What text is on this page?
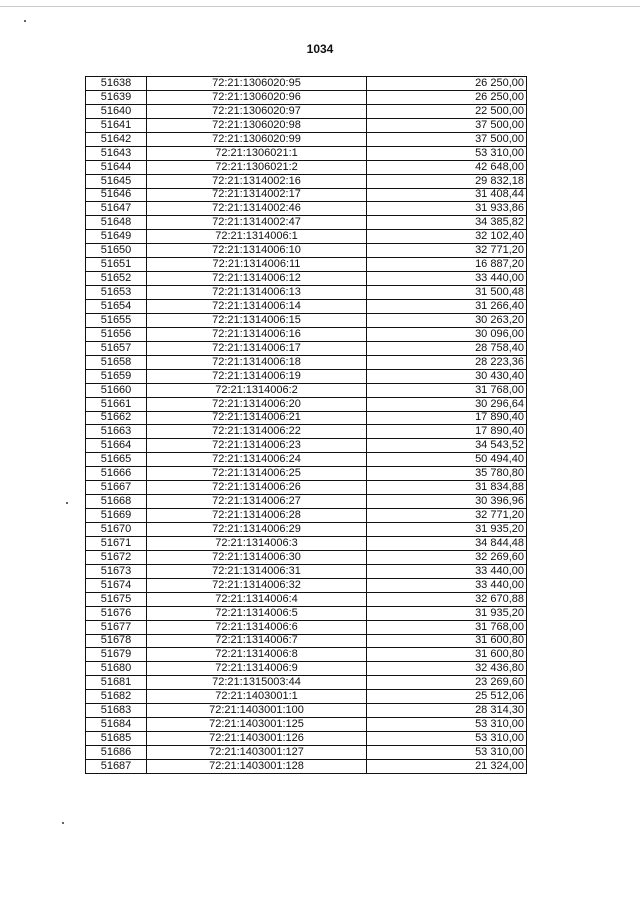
1034
51638	72:21:1306020:95	26 250,00
51639	72:21:1306020:96	26 250,00
51640	72:21:1306020:97	22 500,00
51641	72:21:1306020:98	37 500,00
51642	72:21:1306020:99	37 500,00
51643	72:21:1306021:1	53 310,00
51644	72:21:1306021:2	42 648,00
51645	72:21:1314002:16	29 832,18
51646	72:21:1314002:17	31 408,44
51647	72:21:1314002:46	31 933,86
51648	72:21:1314002:47	34 385,82
51649	72:21:1314006:1	32 102,40
51650	72:21:1314006:10	32 771,20
51651	72:21:1314006:11	16 887,20
51652	72:21:1314006:12	33 440,00
51653	72:21:1314006:13	31 500,48
51654	72:21:1314006:14	31 266,40
51655	72:21:1314006:15	30 263,20
51656	72:21:1314006:16	30 096,00
51657	72:21:1314006:17	28 758,40
51658	72:21:1314006:18	28 223,36
51659	72:21:1314006:19	30 430,40
51660	72:21:1314006:2	31 768,00
51661	72:21:1314006:20	30 296,64
51662	72:21:1314006:21	17 890,40
51663	72:21:1314006:22	17 890,40
51664	72:21:1314006:23	34 543,52
51665	72:21:1314006:24	50 494,40
51666	72:21:1314006:25	35 780,80
51667	72:21:1314006:26	31 834,88
51668	72:21:1314006:27	30 396,96
51669	72:21:1314006:28	32 771,20
51670	72:21:1314006:29	31 935,20
51671	72:21:1314006:3	34 844,48
51672	72:21:1314006:30	32 269,60
51673	72:21:1314006:31	33 440,00
51674	72:21:1314006:32	33 440,00
51675	72:21:1314006:4	32 670,88
51676	72:21:1314006:5	31 935,20
51677	72:21:1314006:6	31 768,00
51678	72:21:1314006:7	31 600,80
51679	72:21:1314006:8	31 600,80
51680	72:21:1314006:9	32 436,80
51681	72:21:1315003:44	23 269,60
51682	72:21:1403001:1	25 512,06
51683	72:21:1403001:100	28 314,30
51684	72:21:1403001:125	53 310,00
51685	72:21:1403001:126	53 310,00
51686	72:21:1403001:127	53 310,00
51687	72:21:1403001:128	21 324,00
